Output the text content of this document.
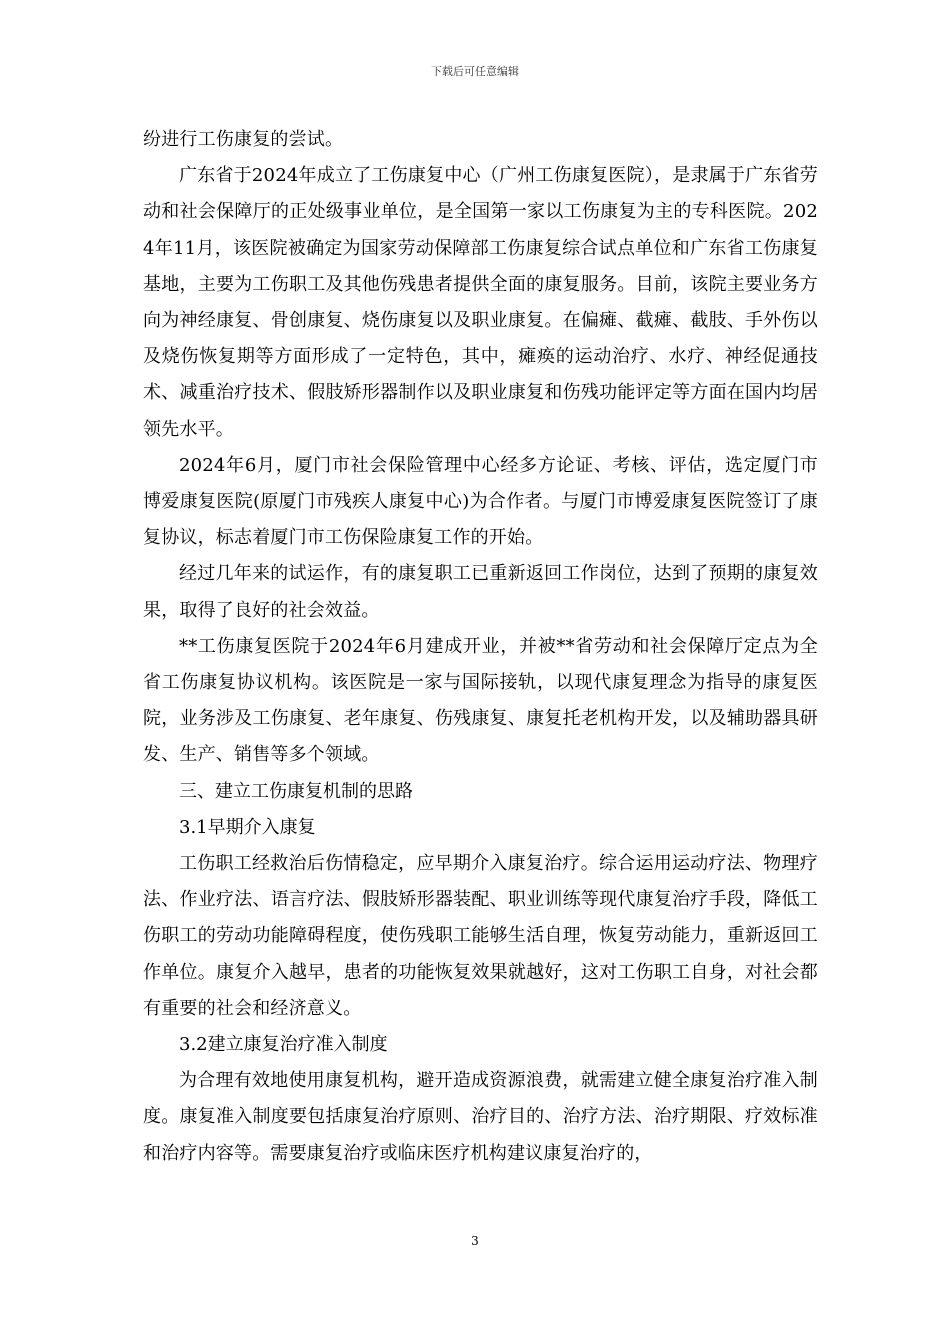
下载后可任意编辑

纷进行工伤康复的尝试。

广东省于2024年成立了工伤康复中心（广州工伤康复医院），是隶属于广东省劳动和社会保障厅的正处级事业单位，是全国第一家以工伤康复为主的专科医院。2024年11月，该医院被确定为国家劳动保障部工伤康复综合试点单位和广东省工伤康复基地，主要为工伤职工及其他伤残患者提供全面的康复服务。目前，该院主要业务方向为神经康复、骨创康复、烧伤康复以及职业康复。在偏瘫、截瘫、截肢、手外伤以及烧伤恢复期等方面形成了一定特色，其中，瘫痪的运动治疗、水疗、神经促通技术、减重治疗技术、假肢矫形器制作以及职业康复和伤残功能评定等方面在国内均居领先水平。

2024年6月，厦门市社会保险管理中心经多方论证、考核、评估，选定厦门市博爱康复医院(原厦门市残疾人康复中心)为合作者。与厦门市博爱康复医院签订了康复协议，标志着厦门市工伤保险康复工作的开始。

经过几年来的试运作，有的康复职工已重新返回工作岗位，达到了预期的康复效果，取得了良好的社会效益。

**工伤康复医院于2024年6月建成开业，并被**省劳动和社会保障厅定点为全省工伤康复协议机构。该医院是一家与国际接轨，以现代康复理念为指导的康复医院，业务涉及工伤康复、老年康复、伤残康复、康复托老机构开发，以及辅助器具研发、生产、销售等多个领域。

三、建立工伤康复机制的思路

3.1早期介入康复

工伤职工经救治后伤情稳定，应早期介入康复治疗。综合运用运动疗法、物理疗法、作业疗法、语言疗法、假肢矫形器装配、职业训练等现代康复治疗手段，降低工伤职工的劳动功能障碍程度，使伤残职工能够生活自理，恢复劳动能力，重新返回工作单位。康复介入越早，患者的功能恢复效果就越好，这对工伤职工自身，对社会都有重要的社会和经济意义。

3.2建立康复治疗准入制度

为合理有效地使用康复机构，避开造成资源浪费，就需建立健全康复治疗准入制度。康复准入制度要包括康复治疗原则、治疗目的、治疗方法、治疗期限、疗效标准和治疗内容等。需要康复治疗或临床医疗机构建议康复治疗的，

3
